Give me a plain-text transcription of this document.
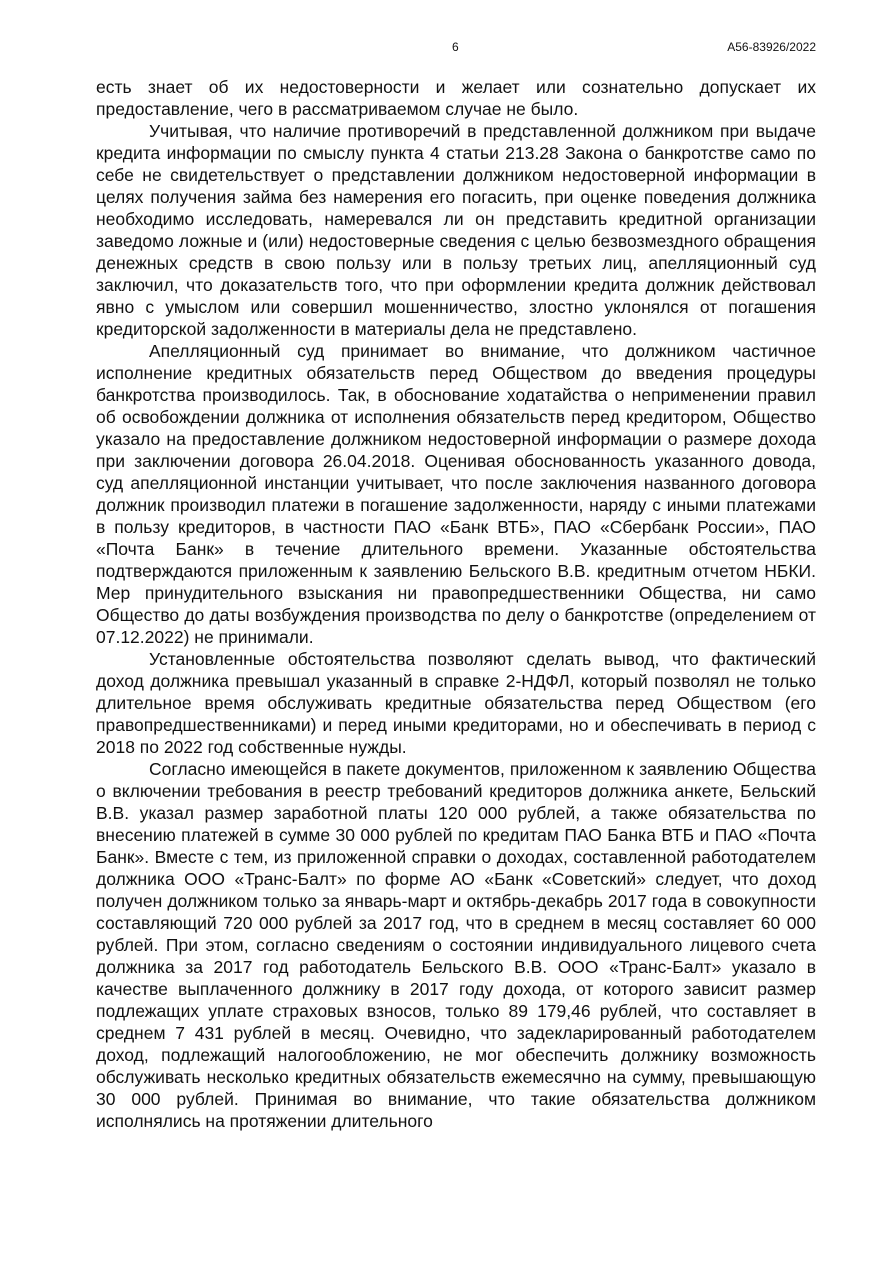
6	А56-83926/2022

есть знает об их недостоверности и желает или сознательно допускает их предоставление, чего в рассматриваемом случае не было.

Учитывая, что наличие противоречий в представленной должником при выдаче кредита информации по смыслу пункта 4 статьи 213.28 Закона о банкротстве само по себе не свидетельствует о представлении должником недостоверной информации в целях получения займа без намерения его погасить, при оценке поведения должника необходимо исследовать, намеревался ли он представить кредитной организации заведомо ложные и (или) недостоверные сведения с целью безвозмездного обращения денежных средств в свою пользу или в пользу третьих лиц, апелляционный суд заключил, что доказательств того, что при оформлении кредита должник действовал явно с умыслом или совершил мошенничество, злостно уклонялся от погашения кредиторской задолженности в материалы дела не представлено.

Апелляционный суд принимает во внимание, что должником частичное исполнение кредитных обязательств перед Обществом до введения процедуры банкротства производилось. Так, в обоснование ходатайства о неприменении правил об освобождении должника от исполнения обязательств перед кредитором, Общество указало на предоставление должником недостоверной информации о размере дохода при заключении договора 26.04.2018. Оценивая обоснованность указанного довода, суд апелляционной инстанции учитывает, что после заключения названного договора должник производил платежи в погашение задолженности, наряду с иными платежами в пользу кредиторов, в частности ПАО «Банк ВТБ», ПАО «Сбербанк России», ПАО «Почта Банк» в течение длительного времени. Указанные обстоятельства подтверждаются приложенным к заявлению Бельского В.В. кредитным отчетом НБКИ. Мер принудительного взыскания ни правопредшественники Общества, ни само Общество до даты возбуждения производства по делу о банкротстве (определением от 07.12.2022) не принимали.

Установленные обстоятельства позволяют сделать вывод, что фактический доход должника превышал указанный в справке 2-НДФЛ, который позволял не только длительное время обслуживать кредитные обязательства перед Обществом (его правопредшественниками) и перед иными кредиторами, но и обеспечивать в период с 2018 по 2022 год собственные нужды.

Согласно имеющейся в пакете документов, приложенном к заявлению Общества о включении требования в реестр требований кредиторов должника анкете, Бельский В.В. указал размер заработной платы 120 000 рублей, а также обязательства по внесению платежей в сумме 30 000 рублей по кредитам ПАО Банка ВТБ и ПАО «Почта Банк». Вместе с тем, из приложенной справки о доходах, составленной работодателем должника ООО «Транс-Балт» по форме АО «Банк «Советский» следует, что доход получен должником только за январь-март и октябрь-декабрь 2017 года в совокупности составляющий 720 000 рублей за 2017 год, что в среднем в месяц составляет 60 000 рублей. При этом, согласно сведениям о состоянии индивидуального лицевого счета должника за 2017 год работодатель Бельского В.В. ООО «Транс-Балт» указало в качестве выплаченного должнику в 2017 году дохода, от которого зависит размер подлежащих уплате страховых взносов, только 89 179,46 рублей, что составляет в среднем 7 431 рублей в месяц. Очевидно, что задекларированный работодателем доход, подлежащий налогообложению, не мог обеспечить должнику возможность обслуживать несколько кредитных обязательств ежемесячно на сумму, превышающую 30 000 рублей. Принимая во внимание, что такие обязательства должником исполнялись на протяжении длительного
